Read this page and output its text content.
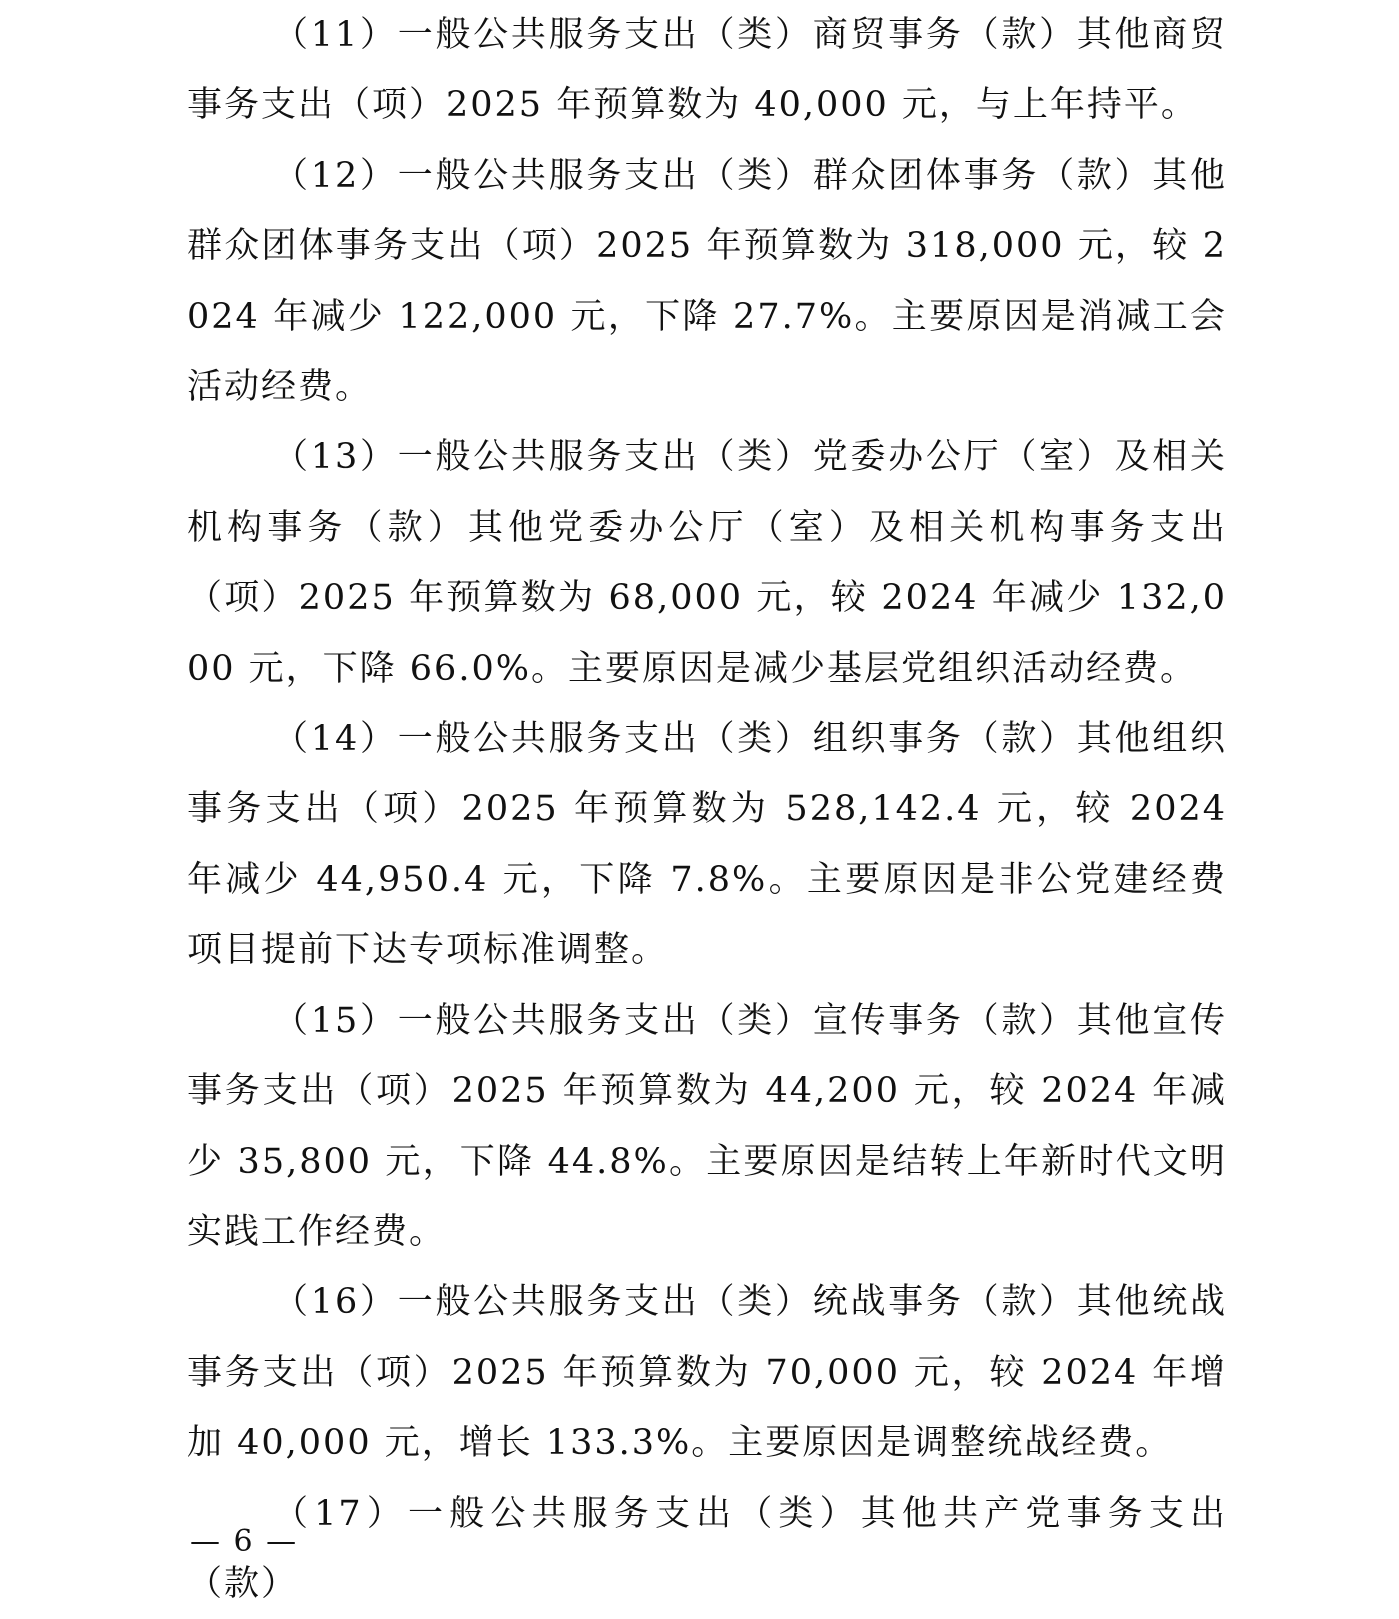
（11）一般公共服务支出（类）商贸事务（款）其他商贸事务支出（项）2025 年预算数为 40,000 元，与上年持平。

（12）一般公共服务支出（类）群众团体事务（款）其他群众团体事务支出（项）2025 年预算数为 318,000 元，较 2024 年减少 122,000 元，下降 27.7%。主要原因是消减工会活动经费。

（13）一般公共服务支出（类）党委办公厅（室）及相关机构事务（款）其他党委办公厅（室）及相关机构事务支出（项）2025 年预算数为 68,000 元，较 2024 年减少 132,000 元，下降 66.0%。主要原因是减少基层党组织活动经费。

（14）一般公共服务支出（类）组织事务（款）其他组织事务支出（项）2025 年预算数为 528,142.4 元，较 2024 年减少 44,950.4 元，下降 7.8%。主要原因是非公党建经费项目提前下达专项标准调整。

（15）一般公共服务支出（类）宣传事务（款）其他宣传事务支出（项）2025 年预算数为 44,200 元，较 2024 年减少 35,800 元，下降 44.8%。主要原因是结转上年新时代文明实践工作经费。

（16）一般公共服务支出（类）统战事务（款）其他统战事务支出（项）2025 年预算数为 70,000 元，较 2024 年增加 40,000 元，增长 133.3%。主要原因是调整统战经费。

（17）一般公共服务支出（类）其他共产党事务支出（款）

— 6 —
